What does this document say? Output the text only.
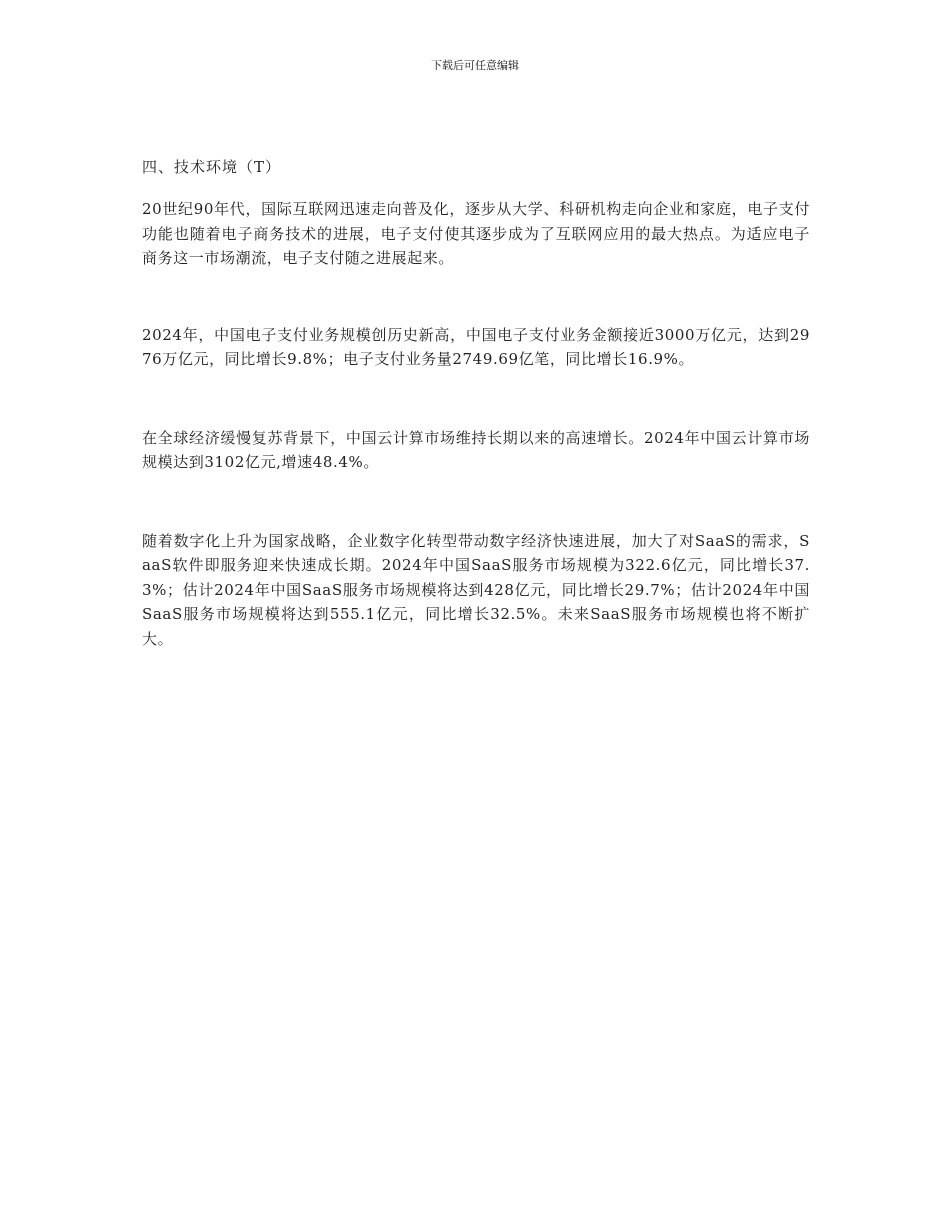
下载后可任意编辑

四、技术环境（T）

20世纪90年代，国际互联网迅速走向普及化，逐步从大学、科研机构走向企业和家庭，电子支付功能也随着电子商务技术的进展，电子支付使其逐步成为了互联网应用的最大热点。为适应电子商务这一市场潮流，电子支付随之进展起来。

2024年，中国电子支付业务规模创历史新高，中国电子支付业务金额接近3000万亿元，达到2976万亿元，同比增长9.8%；电子支付业务量2749.69亿笔，同比增长16.9%。

在全球经济缓慢复苏背景下，中国云计算市场维持长期以来的高速增长。2024年中国云计算市场规模达到3102亿元,增速48.4%。

随着数字化上升为国家战略，企业数字化转型带动数字经济快速进展，加大了对SaaS的需求，SaaS软件即服务迎来快速成长期。2024年中国SaaS服务市场规模为322.6亿元，同比增长37.3%；估计2024年中国SaaS服务市场规模将达到428亿元，同比增长29.7%；估计2024年中国SaaS服务市场规模将达到555.1亿元，同比增长32.5%。未来SaaS服务市场规模也将不断扩大。
